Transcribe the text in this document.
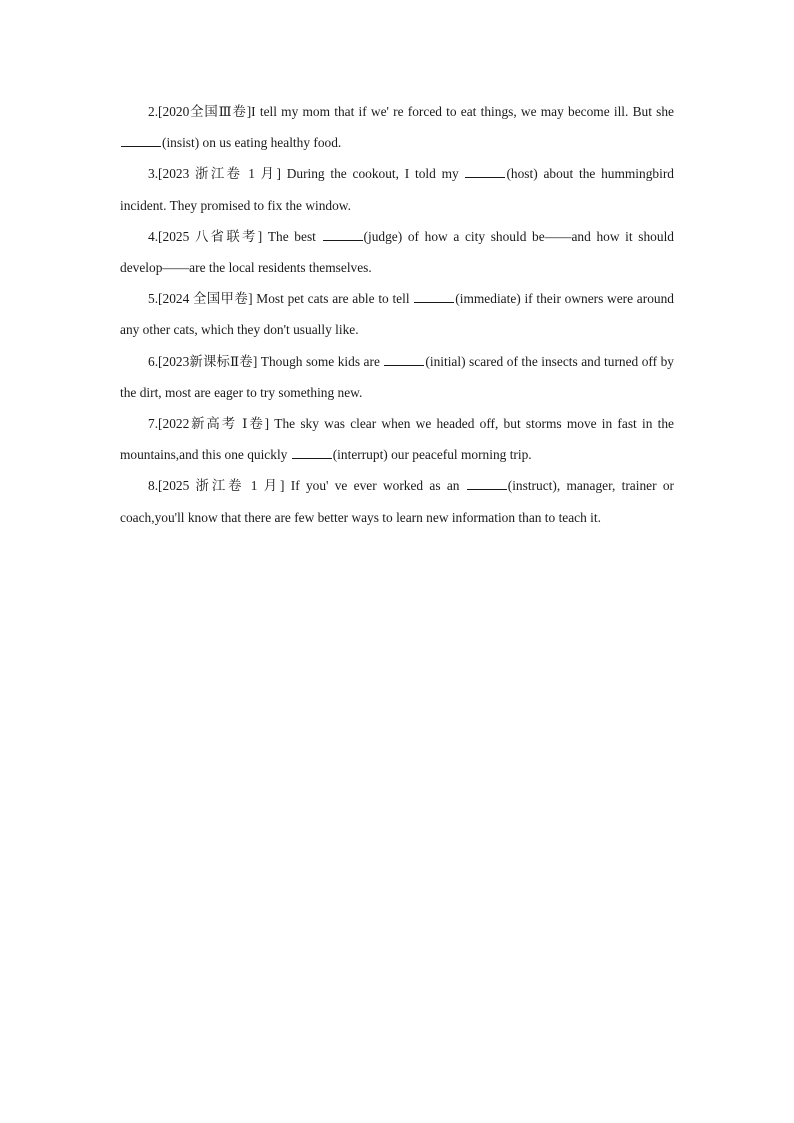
2.[2020全国Ⅲ卷]I tell my mom that if we' re forced to eat things, we may become ill. But she(insist) on us eating healthy food.

3.[2023 浙江卷 1 月] During the cookout, I told my	(host) about the hummingbird incident. They promised to fix the window.

4.[2025 八省联考] The best	(judge) of how a city should be——and how it should develop——are the local residents themselves.

5.[2024 全国甲卷] Most pet cats are able to tell	(immediate) if their owners were around any other cats, which they don't usually like.

6.[2023新课标Ⅱ卷] Though some kids are	(initial) scared of the insects and turned off by the dirt, most are eager to try something new.

7.[2022新高考 Ⅰ卷] The sky was clear when we headed off, but storms move in fast in the mountains,and this one quickly	(interrupt) our peaceful morning trip.

8.[2025 浙江卷 1 月] If you' ve ever worked as an	(instruct), manager, trainer or coach,you'll know that there are few better ways to learn new information than to teach it.
